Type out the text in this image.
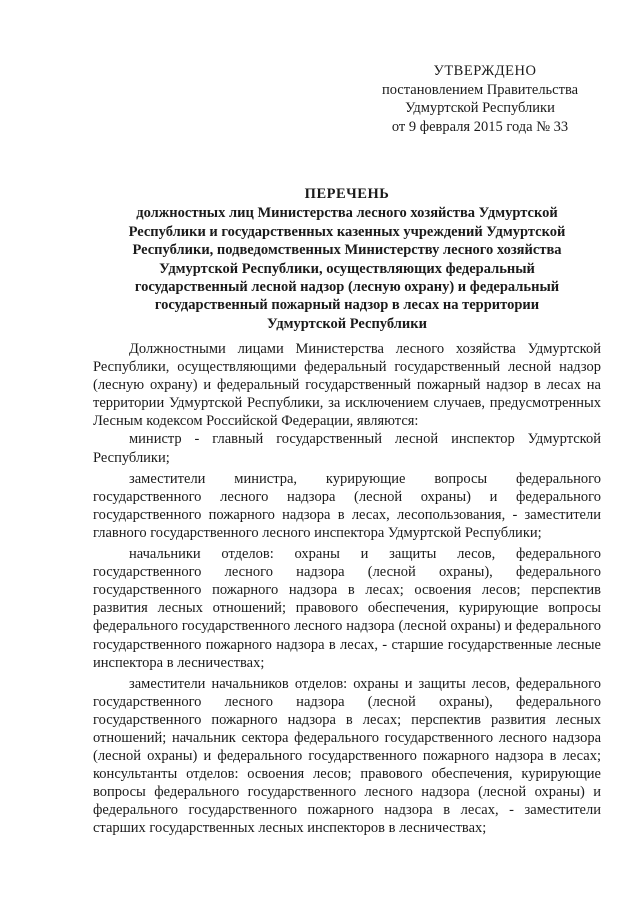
УТВЕРЖДЕНО
постановлением Правительства
Удмуртской Республики
от 9 февраля 2015 года № 33
ПЕРЕЧЕНЬ
должностных лиц Министерства лесного хозяйства Удмуртской
Республики и государственных казенных учреждений Удмуртской
Республики, подведомственных Министерству лесного хозяйства
Удмуртской Республики, осуществляющих федеральный
государственный лесной надзор (лесную охрану) и федеральный
государственный пожарный надзор в лесах на территории
Удмуртской Республики

Должностными лицами Министерства лесного хозяйства Удмуртской Республики, осуществляющими федеральный государственный лесной надзор (лесную охрану) и федеральный государственный пожарный надзор в лесах на территории Удмуртской Республики, за исключением случаев, предусмотренных Лесным кодексом Российской Федерации, являются:

министр - главный государственный лесной инспектор Удмуртской Республики;

заместители министра, курирующие вопросы федерального государственного лесного надзора (лесной охраны) и федерального государственного пожарного надзора в лесах, лесопользования, - заместители главного государственного лесного инспектора Удмуртской Республики;

начальники отделов: охраны и защиты лесов, федерального государственного лесного надзора (лесной охраны), федерального государственного пожарного надзора в лесах; освоения лесов; перспектив развития лесных отношений; правового обеспечения, курирующие вопросы федерального государственного лесного надзора (лесной охраны) и федерального государственного пожарного надзора в лесах, - старшие государственные лесные инспектора в лесничествах;

заместители начальников отделов: охраны и защиты лесов, федерального государственного лесного надзора (лесной охраны), федерального государственного пожарного надзора в лесах; перспектив развития лесных отношений; начальник сектора федерального государственного лесного надзора (лесной охраны) и федерального государственного пожарного надзора в лесах; консультанты отделов: освоения лесов; правового обеспечения, курирующие вопросы федерального государственного лесного надзора (лесной охраны) и федерального государственного пожарного надзора в лесах, - заместители старших государственных лесных инспекторов в лесничествах;
